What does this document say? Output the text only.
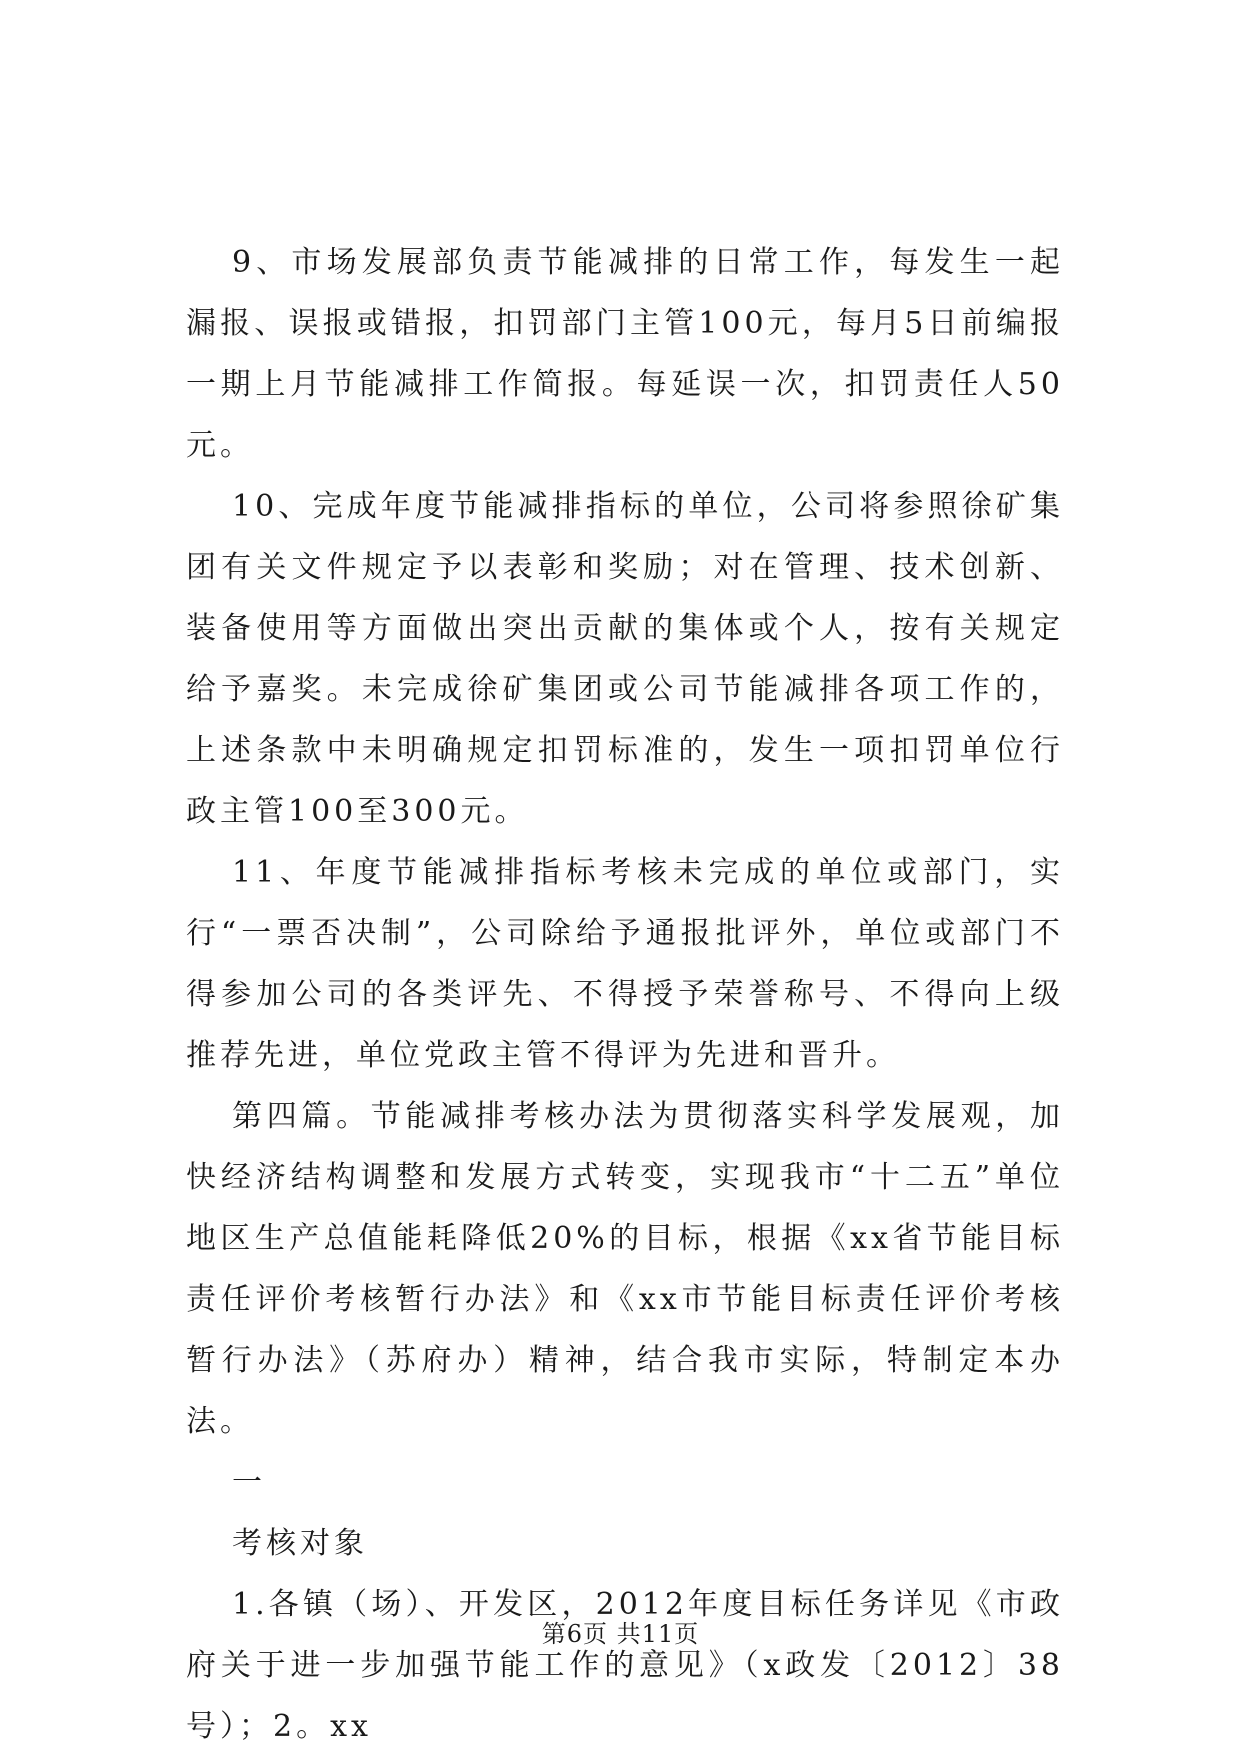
9、市场发展部负责节能减排的日常工作，每发生一起漏报、误报或错报，扣罚部门主管100元，每月5日前编报一期上月节能减排工作简报。每延误一次，扣罚责任人50元。

10、完成年度节能减排指标的单位，公司将参照徐矿集团有关文件规定予以表彰和奖励；对在管理、技术创新、装备使用等方面做出突出贡献的集体或个人，按有关规定给予嘉奖。未完成徐矿集团或公司节能减排各项工作的，上述条款中未明确规定扣罚标准的，发生一项扣罚单位行政主管100至300元。

11、年度节能减排指标考核未完成的单位或部门，实行“一票否决制”，公司除给予通报批评外，单位或部门不得参加公司的各类评先、不得授予荣誉称号、不得向上级推荐先进，单位党政主管不得评为先进和晋升。

第四篇。节能减排考核办法为贯彻落实科学发展观，加快经济结构调整和发展方式转变，实现我市“十二五”单位地区生产总值能耗降低20%的目标，根据《xx省节能目标责任评价考核暂行办法》和《xx市节能目标责任评价考核暂行办法》（苏府办）精神，结合我市实际，特制定本办法。

一

考核对象

1.各镇（场）、开发区，2012年度目标任务详见《市政府关于进一步加强节能工作的意见》（x政发〔2012〕38号）；2。xx

第6页 共11页
